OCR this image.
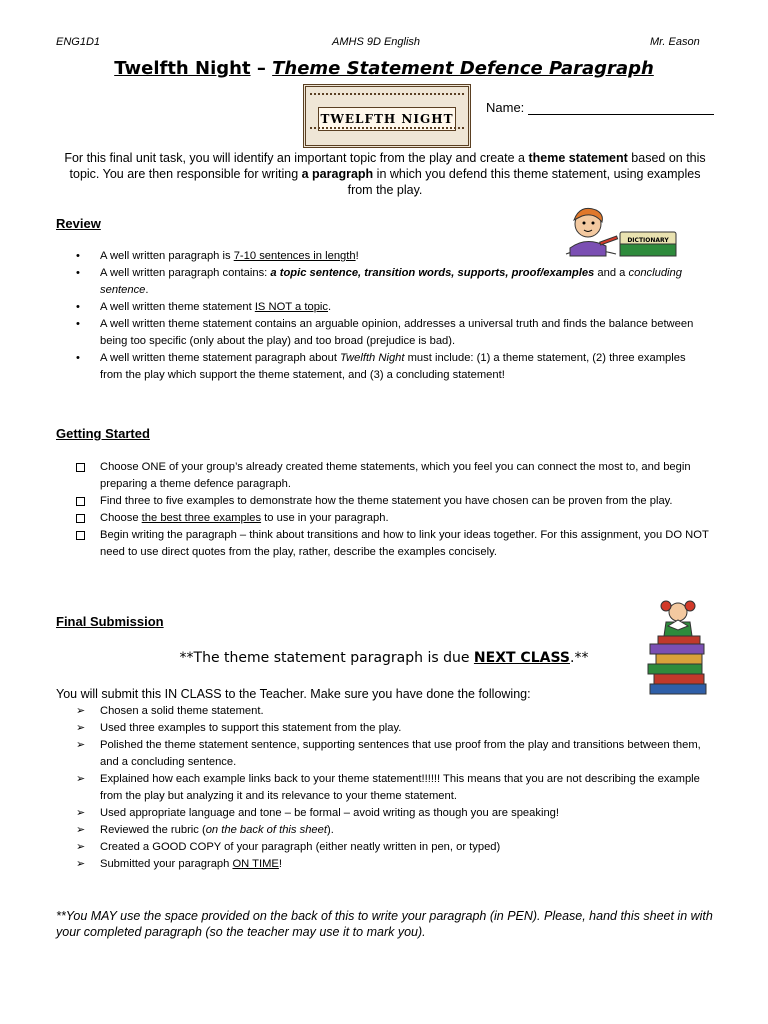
ENG1D1	AMHS 9D English	Mr. Eason
Twelfth Night – Theme Statement Defence Paragraph
TWELFTH NIGHT
Name:
For this final unit task, you will identify an important topic from the play and create a theme statement based on this topic. You are then responsible for writing a paragraph in which you defend this theme statement, using examples from the play.
Review
DICTIONARY
• A well written paragraph is 7-10 sentences in length!
• A well written paragraph contains: a topic sentence, transition words, supports, proof/examples and a concluding sentence.
• A well written theme statement IS NOT a topic.
• A well written theme statement contains an arguable opinion, addresses a universal truth and finds the balance between being too specific (only about the play) and too broad (prejudice is bad).
• A well written theme statement paragraph about Twelfth Night must include: (1) a theme statement, (2) three examples from the play which support the theme statement, and (3) a concluding statement!
Getting Started
Choose ONE of your group’s already created theme statements, which you feel you can connect the most to, and begin preparing a theme defence paragraph.
Find three to five examples to demonstrate how the theme statement you have chosen can be proven from the play.
Choose the best three examples to use in your paragraph.
Begin writing the paragraph – think about transitions and how to link your ideas together. For this assignment, you DO NOT need to use direct quotes from the play, rather, describe the examples concisely.
Final Submission
**The theme statement paragraph is due NEXT CLASS.**
You will submit this IN CLASS to the Teacher. Make sure you have done the following:
➢ Chosen a solid theme statement.
➢ Used three examples to support this statement from the play.
➢ Polished the theme statement sentence, supporting sentences that use proof from the play and transitions between them, and a concluding sentence.
➢ Explained how each example links back to your theme statement!!!!!! This means that you are not describing the example from the play but analyzing it and its relevance to your theme statement.
➢ Used appropriate language and tone – be formal – avoid writing as though you are speaking!
➢ Reviewed the rubric (on the back of this sheet).
➢ Created a GOOD COPY of your paragraph (either neatly written in pen, or typed)
➢ Submitted your paragraph ON TIME!
**You MAY use the space provided on the back of this to write your paragraph (in PEN). Please, hand this sheet in with your completed paragraph (so the teacher may use it to mark you).
